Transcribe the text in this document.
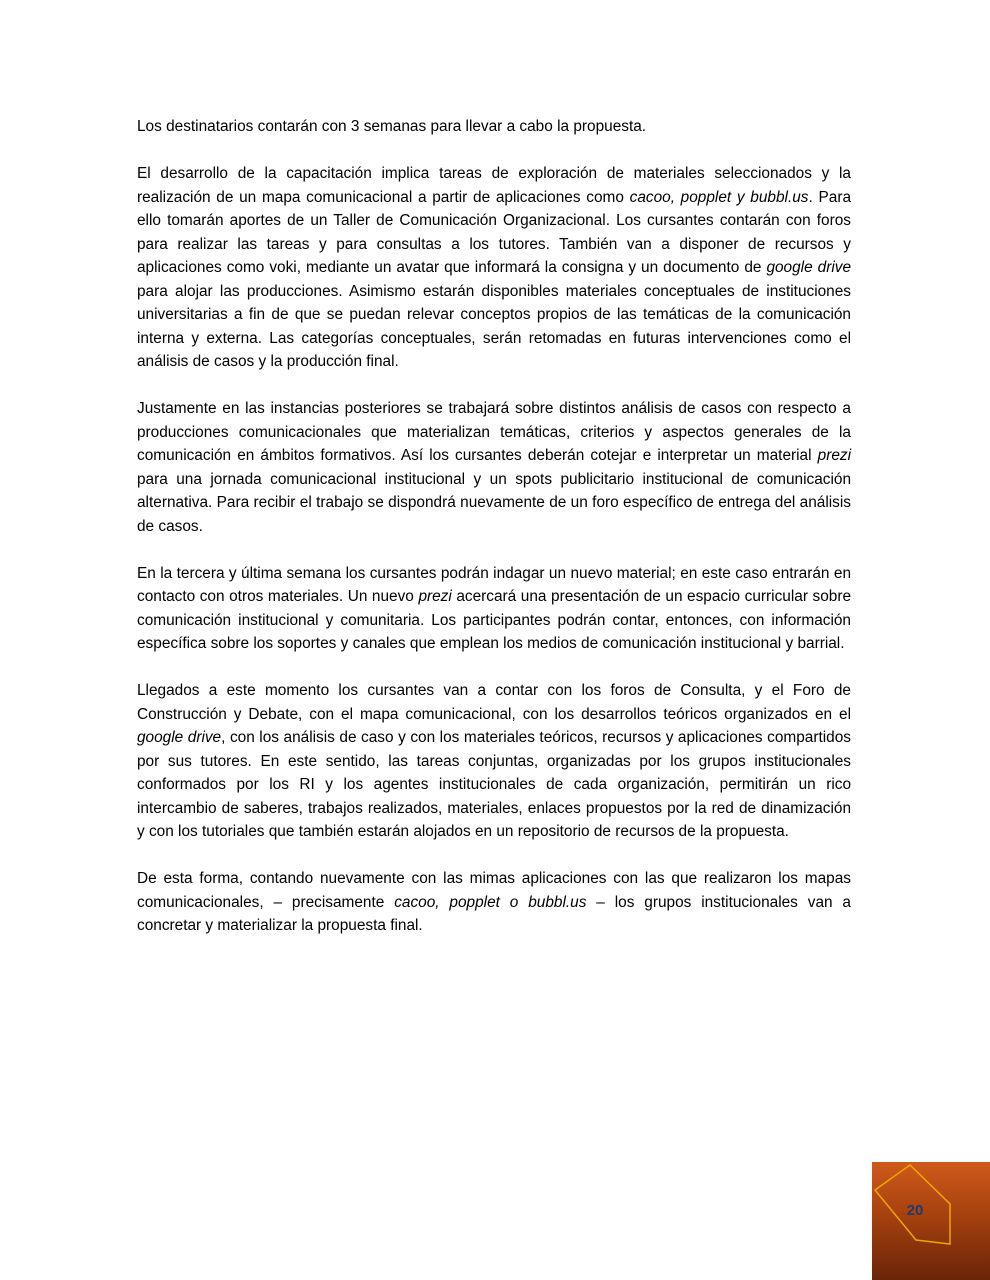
Los destinatarios contarán con 3 semanas para llevar a cabo la propuesta.

El desarrollo de la capacitación implica tareas de exploración de materiales seleccionados y la realización de un mapa comunicacional a partir de aplicaciones como cacoo, popplet y bubbl.us. Para ello tomarán aportes de un Taller de Comunicación Organizacional. Los cursantes contarán con foros para realizar las tareas y para consultas a los tutores. También van a disponer de recursos y aplicaciones como voki, mediante un avatar que informará la consigna y un documento de google drive para alojar las producciones. Asimismo estarán disponibles materiales conceptuales de instituciones universitarias a fin de que se puedan relevar conceptos propios de las temáticas de la comunicación interna y externa. Las categorías conceptuales, serán retomadas en futuras intervenciones como el análisis de casos y la producción final.

Justamente en las instancias posteriores se trabajará sobre distintos análisis de casos con respecto a producciones comunicacionales que materializan temáticas, criterios y aspectos generales de la comunicación en ámbitos formativos. Así los cursantes deberán cotejar e interpretar un material prezi para una jornada comunicacional institucional y un spots publicitario institucional de comunicación alternativa. Para recibir el trabajo se dispondrá nuevamente de un foro específico de entrega del análisis de casos.

En la tercera y última semana los cursantes podrán indagar un nuevo material; en este caso entrarán en contacto con otros materiales. Un nuevo prezi acercará una presentación de un espacio curricular sobre comunicación institucional y comunitaria. Los participantes podrán contar, entonces, con información específica sobre los soportes y canales que emplean los medios de comunicación institucional y barrial.

Llegados a este momento los cursantes van a contar con los foros de Consulta, y el Foro de Construcción y Debate, con el mapa comunicacional, con los desarrollos teóricos organizados en el google drive, con los análisis de caso y con los materiales teóricos, recursos y aplicaciones compartidos por sus tutores. En este sentido, las tareas conjuntas, organizadas por los grupos institucionales conformados por los RI y los agentes institucionales de cada organización, permitirán un rico intercambio de saberes, trabajos realizados, materiales, enlaces propuestos por la red de dinamización y con los tutoriales que también estarán alojados en un repositorio de recursos de la propuesta.

De esta forma, contando nuevamente con las mimas aplicaciones con las que realizaron los mapas comunicacionales, – precisamente cacoo, popplet o bubbl.us – los grupos institucionales van a concretar y materializar la propuesta final.

20
